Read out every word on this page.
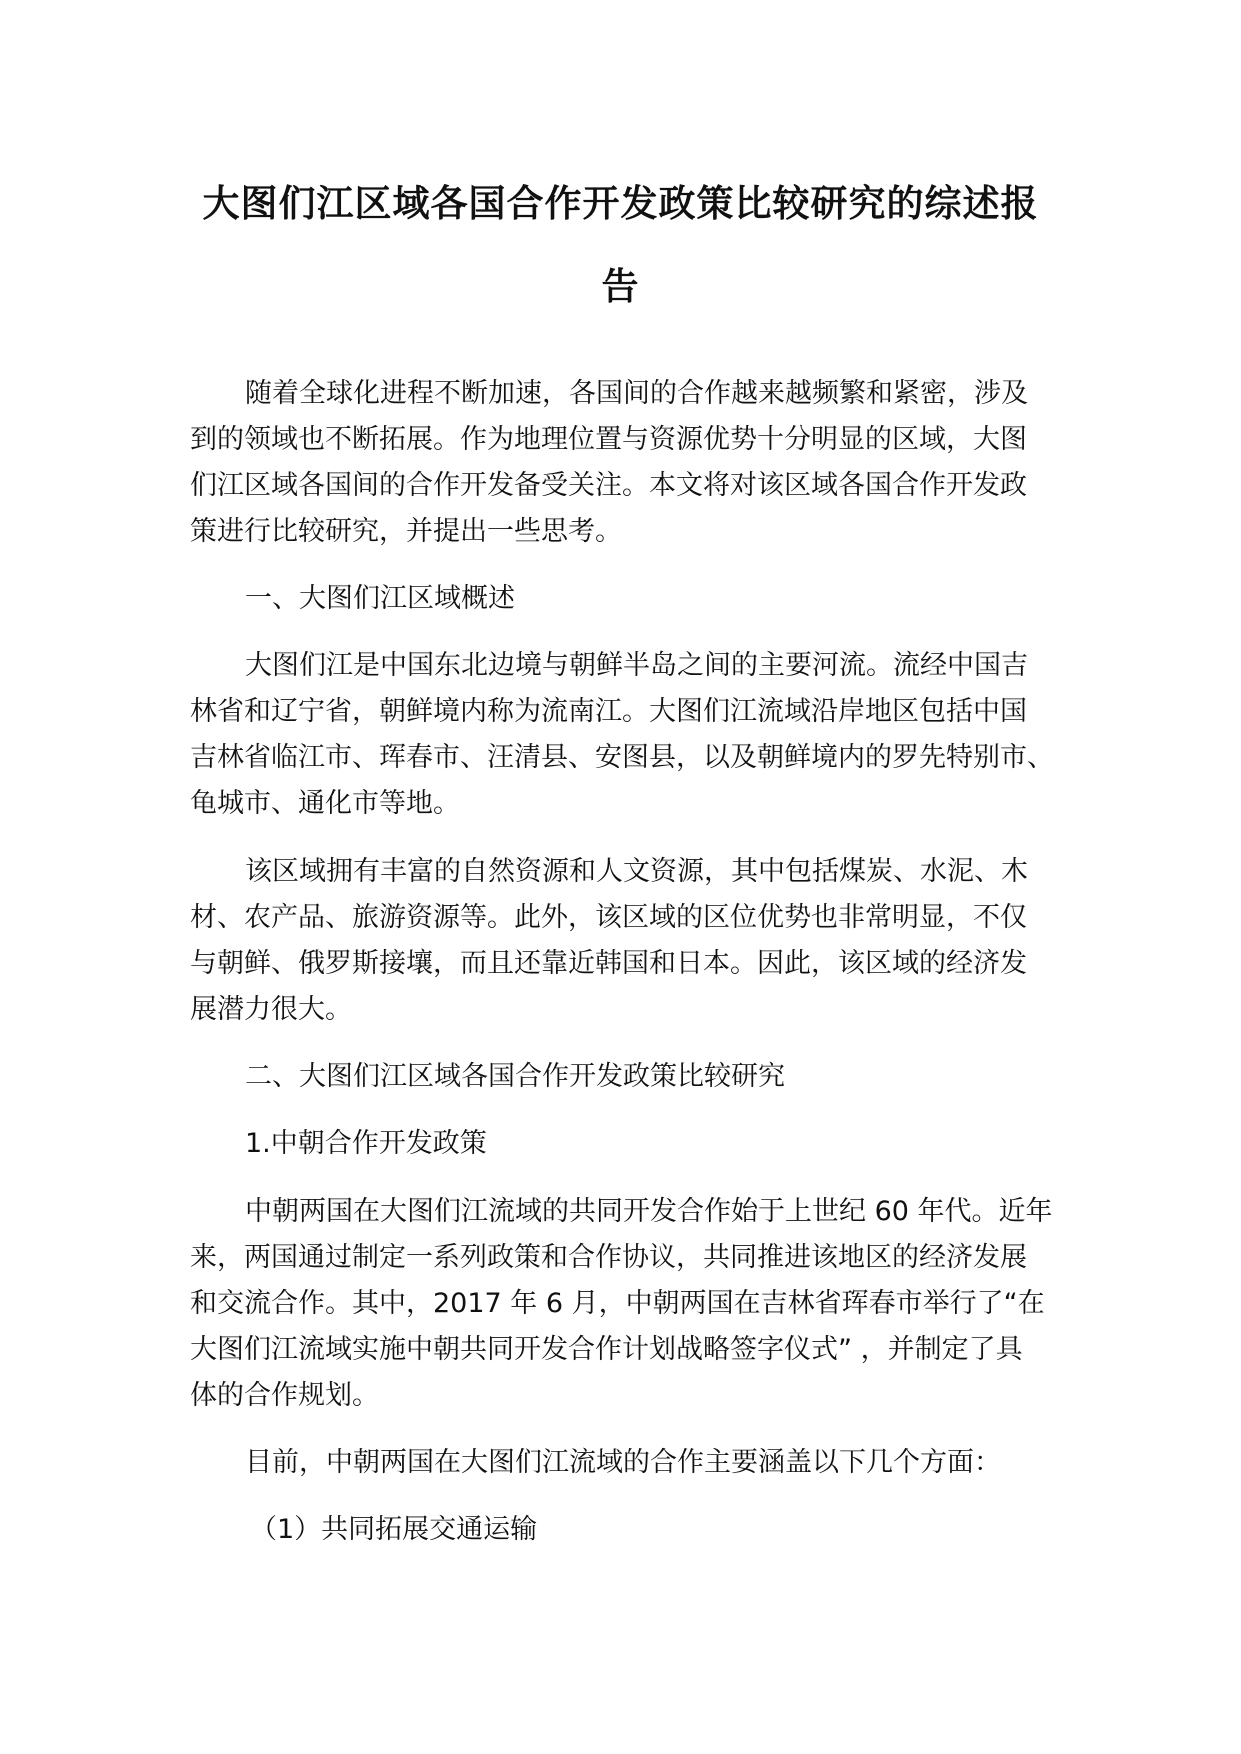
大图们江区域各国合作开发政策比较研究的综述报
告
随着全球化进程不断加速，各国间的合作越来越频繁和紧密，涉及
到的领域也不断拓展。作为地理位置与资源优势十分明显的区域，大图
们江区域各国间的合作开发备受关注。本文将对该区域各国合作开发政
策进行比较研究，并提出一些思考。
一、大图们江区域概述
大图们江是中国东北边境与朝鲜半岛之间的主要河流。流经中国吉
林省和辽宁省，朝鲜境内称为流南江。大图们江流域沿岸地区包括中国
吉林省临江市、珲春市、汪清县、安图县，以及朝鲜境内的罗先特别市、
龟城市、通化市等地。
该区域拥有丰富的自然资源和人文资源，其中包括煤炭、水泥、木
材、农产品、旅游资源等。此外，该区域的区位优势也非常明显，不仅
与朝鲜、俄罗斯接壤，而且还靠近韩国和日本。因此，该区域的经济发
展潜力很大。
二、大图们江区域各国合作开发政策比较研究
1.中朝合作开发政策
中朝两国在大图们江流域的共同开发合作始于上世纪 60 年代。近年
来，两国通过制定一系列政策和合作协议，共同推进该地区的经济发展
和交流合作。其中，2017 年 6 月，中朝两国在吉林省珲春市举行了“在
大图们江流域实施中朝共同开发合作计划战略签字仪式” ，并制定了具
体的合作规划。
目前，中朝两国在大图们江流域的合作主要涵盖以下几个方面：
（1）共同拓展交通运输
